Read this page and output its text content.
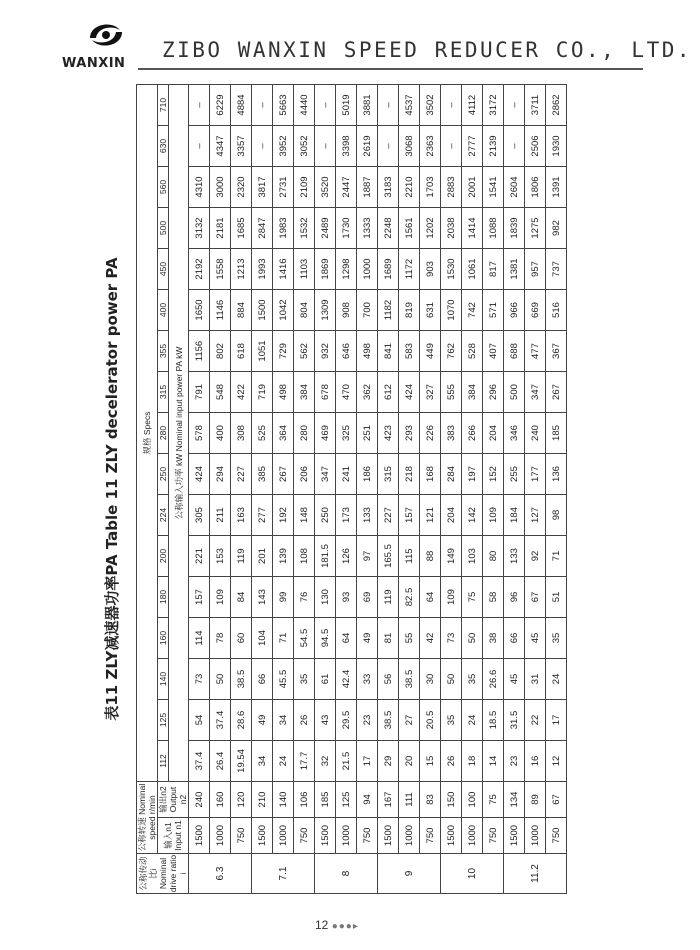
WANXIN
ZIBO WANXIN SPEED REDUCER CO., LTD.
表11 ZLY减速器功率PA Table 11 ZLY decelerator power PA
公称传动比i Nominal drive ratio i	公称转速 Nominal speed r/min		规格 Specs																
	输入n1 Input n1	输出n2 Output n2	112	125	140	160	180	200	224	250	280	315	355	400	450	500	560	630	710
			公称输入功率 kW Nominal input power PA kW																

6.3	1500	240	37.4	54	73	114	157	221	305	424	578	791	1156	1650	2192	3132	4310	–	–
	1000	160	26.4	37.4	50	78	109	153	211	294	400	548	802	1146	1558	2181	3000	4347	6229
	750	120	19.54	28.6	38.5	60	84	119	163	227	308	422	618	884	1213	1685	2320	3357	4884
7.1	1500	210	34	49	66	104	143	201	277	385	525	719	1051	1500	1993	2847	3817	–	–
	1000	140	24	34	45.5	71	99	139	192	267	364	498	729	1042	1416	1983	2731	3952	5663
	750	106	17.7	26	35	54.5	76	108	148	206	280	384	562	804	1103	1532	2109	3052	4440
8	1500	185	32	43	61	94.5	130	181.5	250	347	469	678	932	1309	1869	2489	3520	–	–
	1000	125	21.5	29.5	42.4	64	93	126	173	241	325	470	646	908	1298	1730	2447	3398	5019
	750	94	17	23	33	49	69	97	133	186	251	362	498	700	1000	1333	1887	2619	3881
9	1500	167	29	38.5	56	81	119	165.5	227	315	423	612	841	1182	1689	2248	3183	–	–
	1000	111	20	27	38.5	55	82.5	115	157	218	293	424	583	819	1172	1561	2210	3068	4537
	750	83	15	20.5	30	42	64	88	121	168	226	327	449	631	903	1202	1703	2363	3502
10	1500	150	26	35	50	73	109	149	204	284	383	555	762	1070	1530	2038	2883	–	–
	1000	100	18	24	35	50	75	103	142	197	266	384	528	742	1061	1414	2001	2777	4112
	750	75	14	18.5	26.6	38	58	80	109	152	204	296	407	571	817	1088	1541	2139	3172
11.2	1500	134	23	31.5	45	66	96	133	184	255	346	500	688	966	1381	1839	2604	–	–
	1000	89	16	22	31	45	67	92	127	177	240	347	477	669	957	1275	1806	2506	3711
	750	67	12	17	24	35	51	71	98	136	185	267	367	516	737	982	1391	1930	2862
12 ●●●▸
